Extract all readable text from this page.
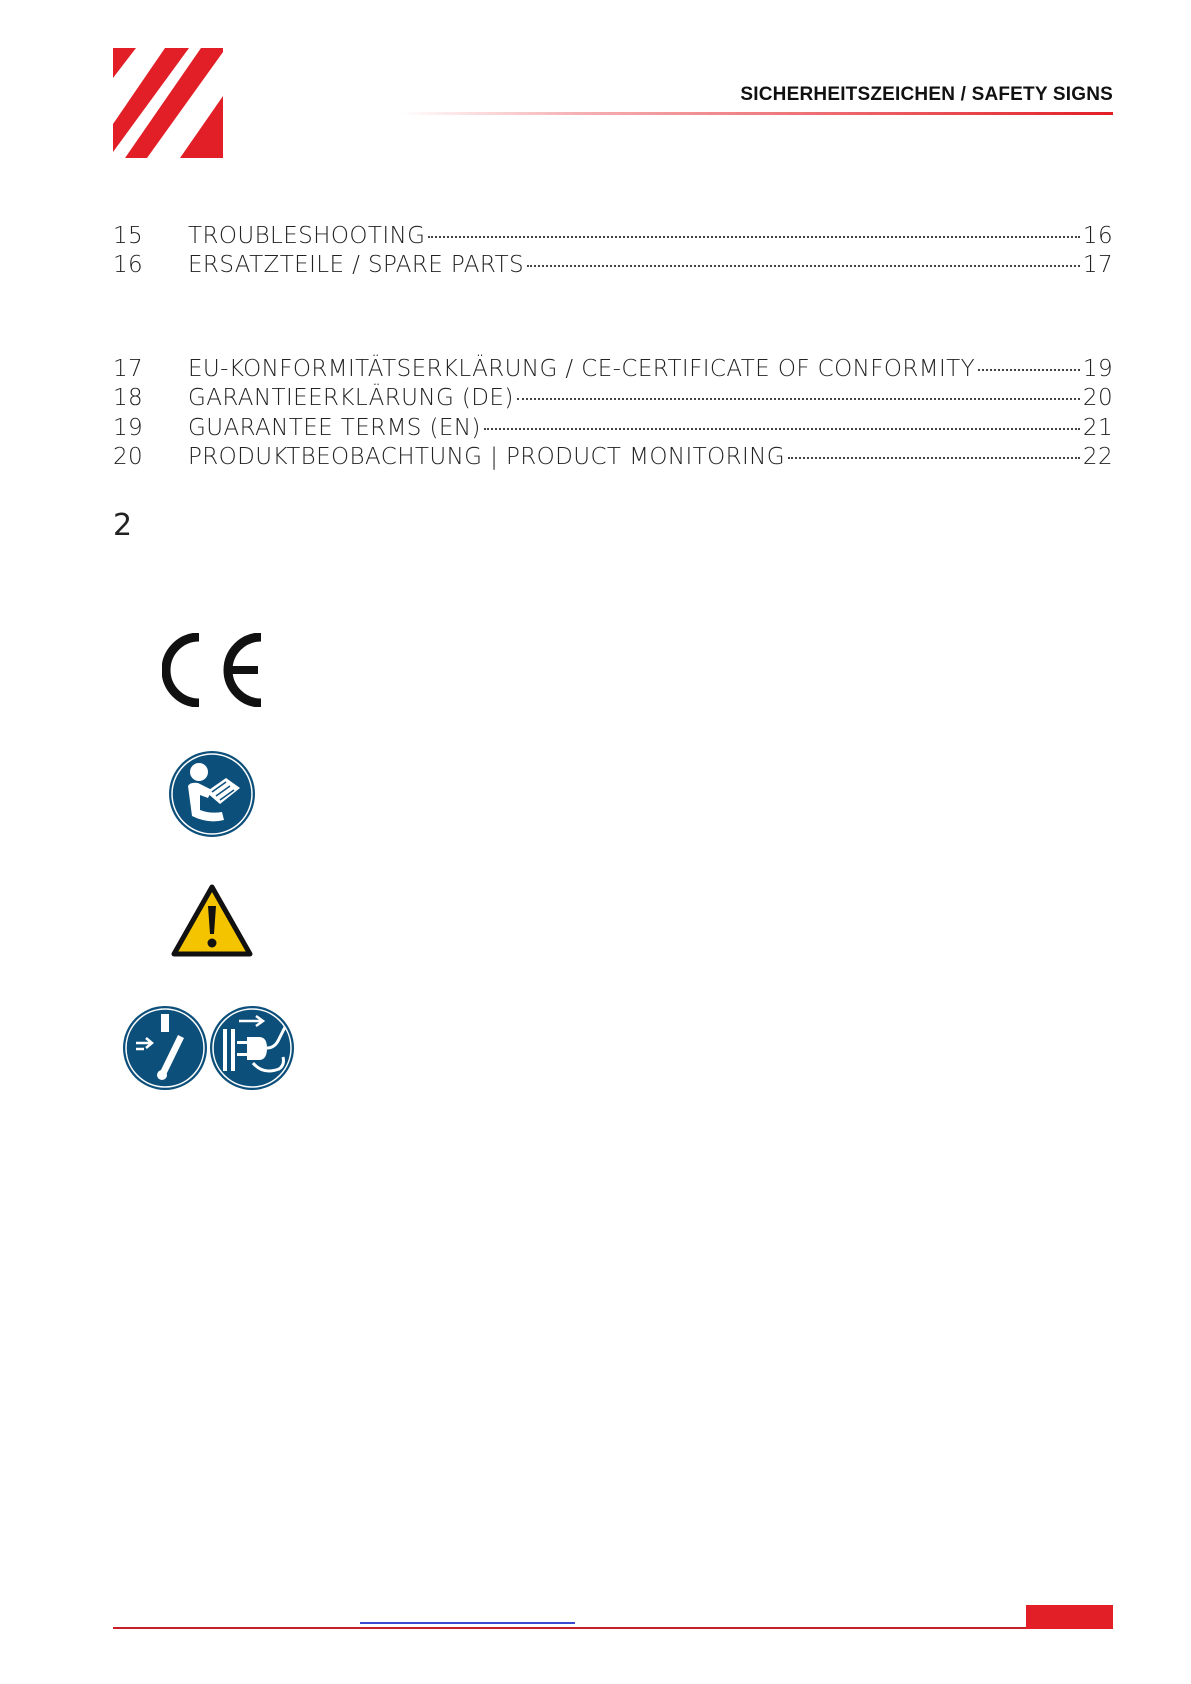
SICHERHEITSZEICHEN / SAFETY SIGNS
15	TROUBLESHOOTING	16
16	ERSATZTEILE / SPARE PARTS	17
17	EU-KONFORMITÄTSERKLÄRUNG / CE-CERTIFICATE OF CONFORMITY	19
18	GARANTIEERKLÄRUNG (DE)	20
19	GUARANTEE TERMS (EN)	21
20	PRODUKTBEOBACHTUNG | PRODUCT MONITORING	22
2
